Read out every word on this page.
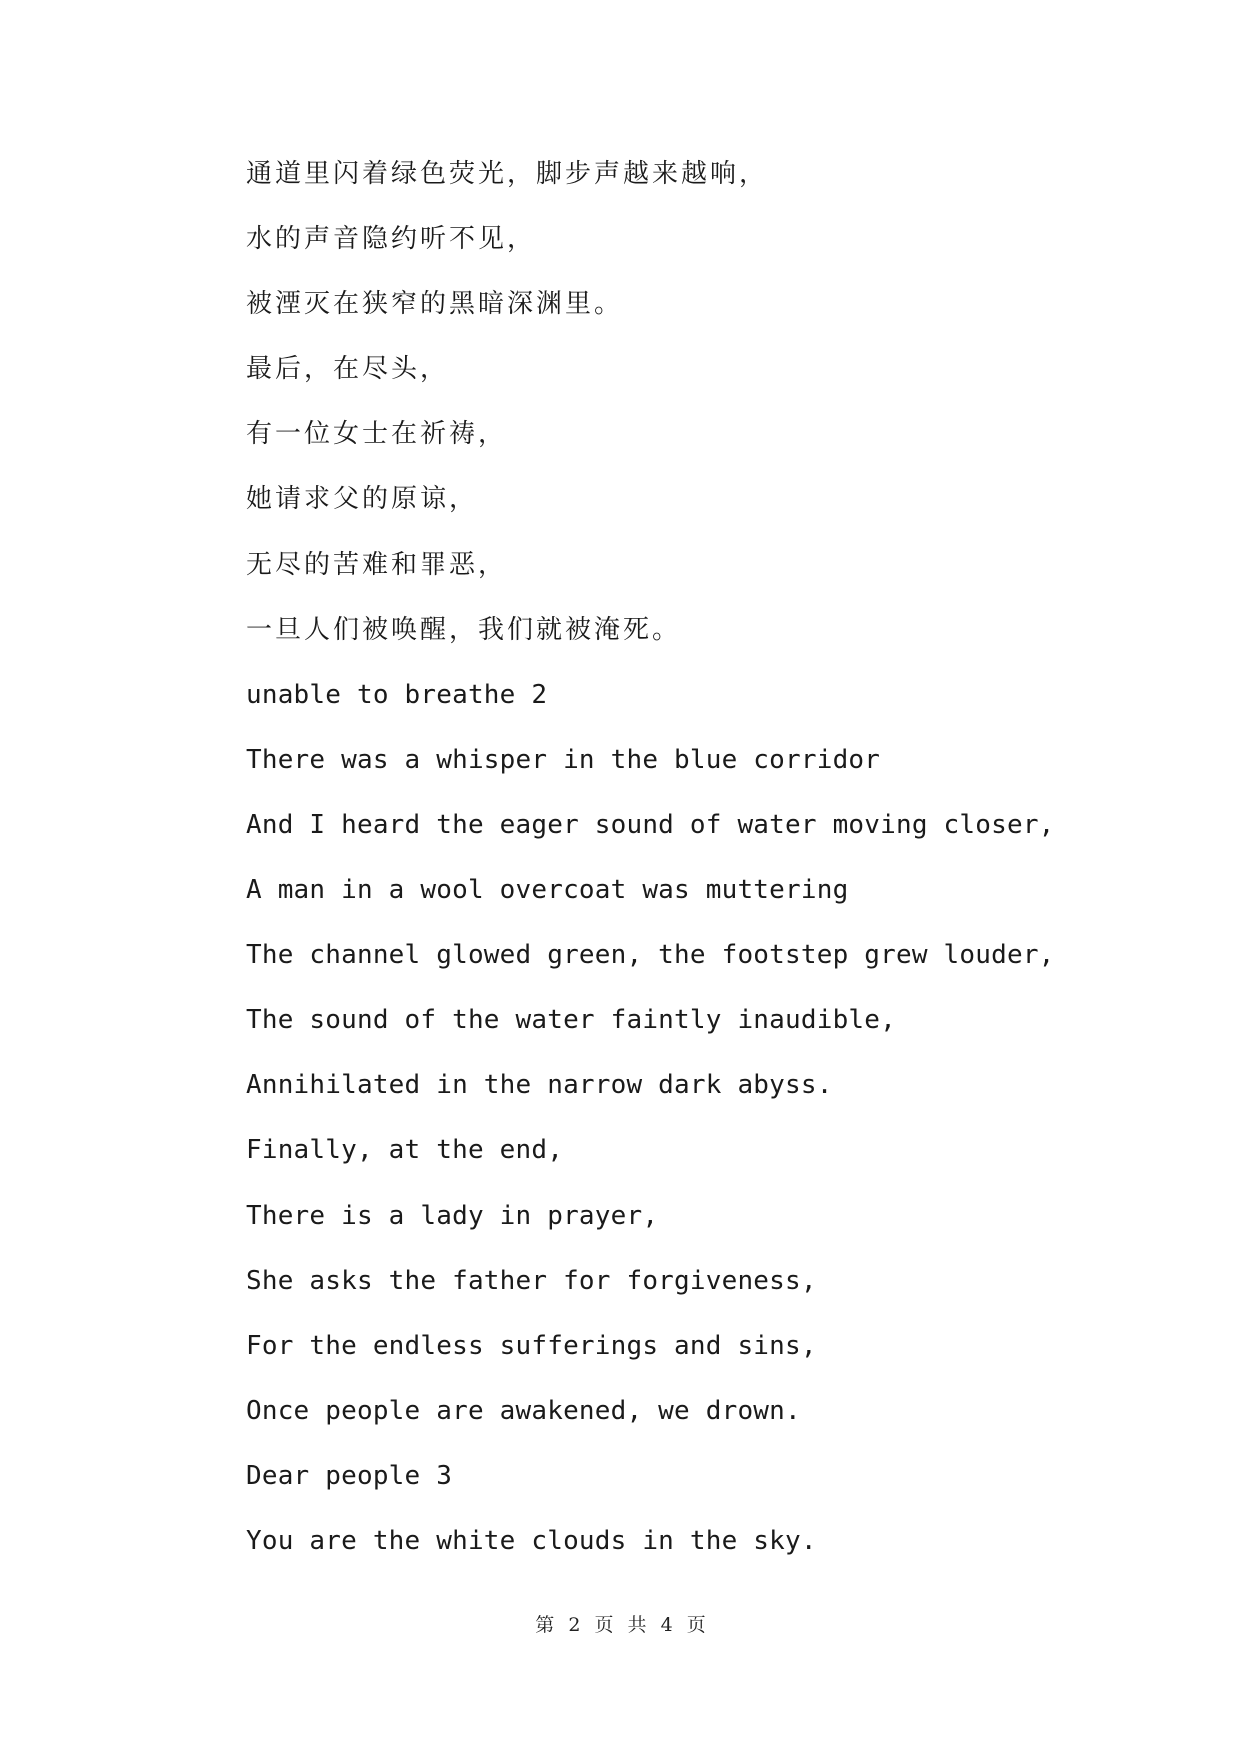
通道里闪着绿色荧光，脚步声越来越响，
水的声音隐约听不见，
被湮灭在狭窄的黑暗深渊里。
最后，在尽头，
有一位女士在祈祷，
她请求父的原谅，
无尽的苦难和罪恶，
一旦人们被唤醒，我们就被淹死。
unable to breathe 2
There was a whisper in the blue corridor
And I heard the eager sound of water moving closer,
A man in a wool overcoat was muttering
The channel glowed green, the footstep grew louder,
The sound of the water faintly inaudible,
Annihilated in the narrow dark abyss.
Finally, at the end,
There is a lady in prayer,
She asks the father for forgiveness,
For the endless sufferings and sins,
Once people are awakened, we drown.
Dear people 3
You are the white clouds in the sky.
第 2 页 共 4 页
